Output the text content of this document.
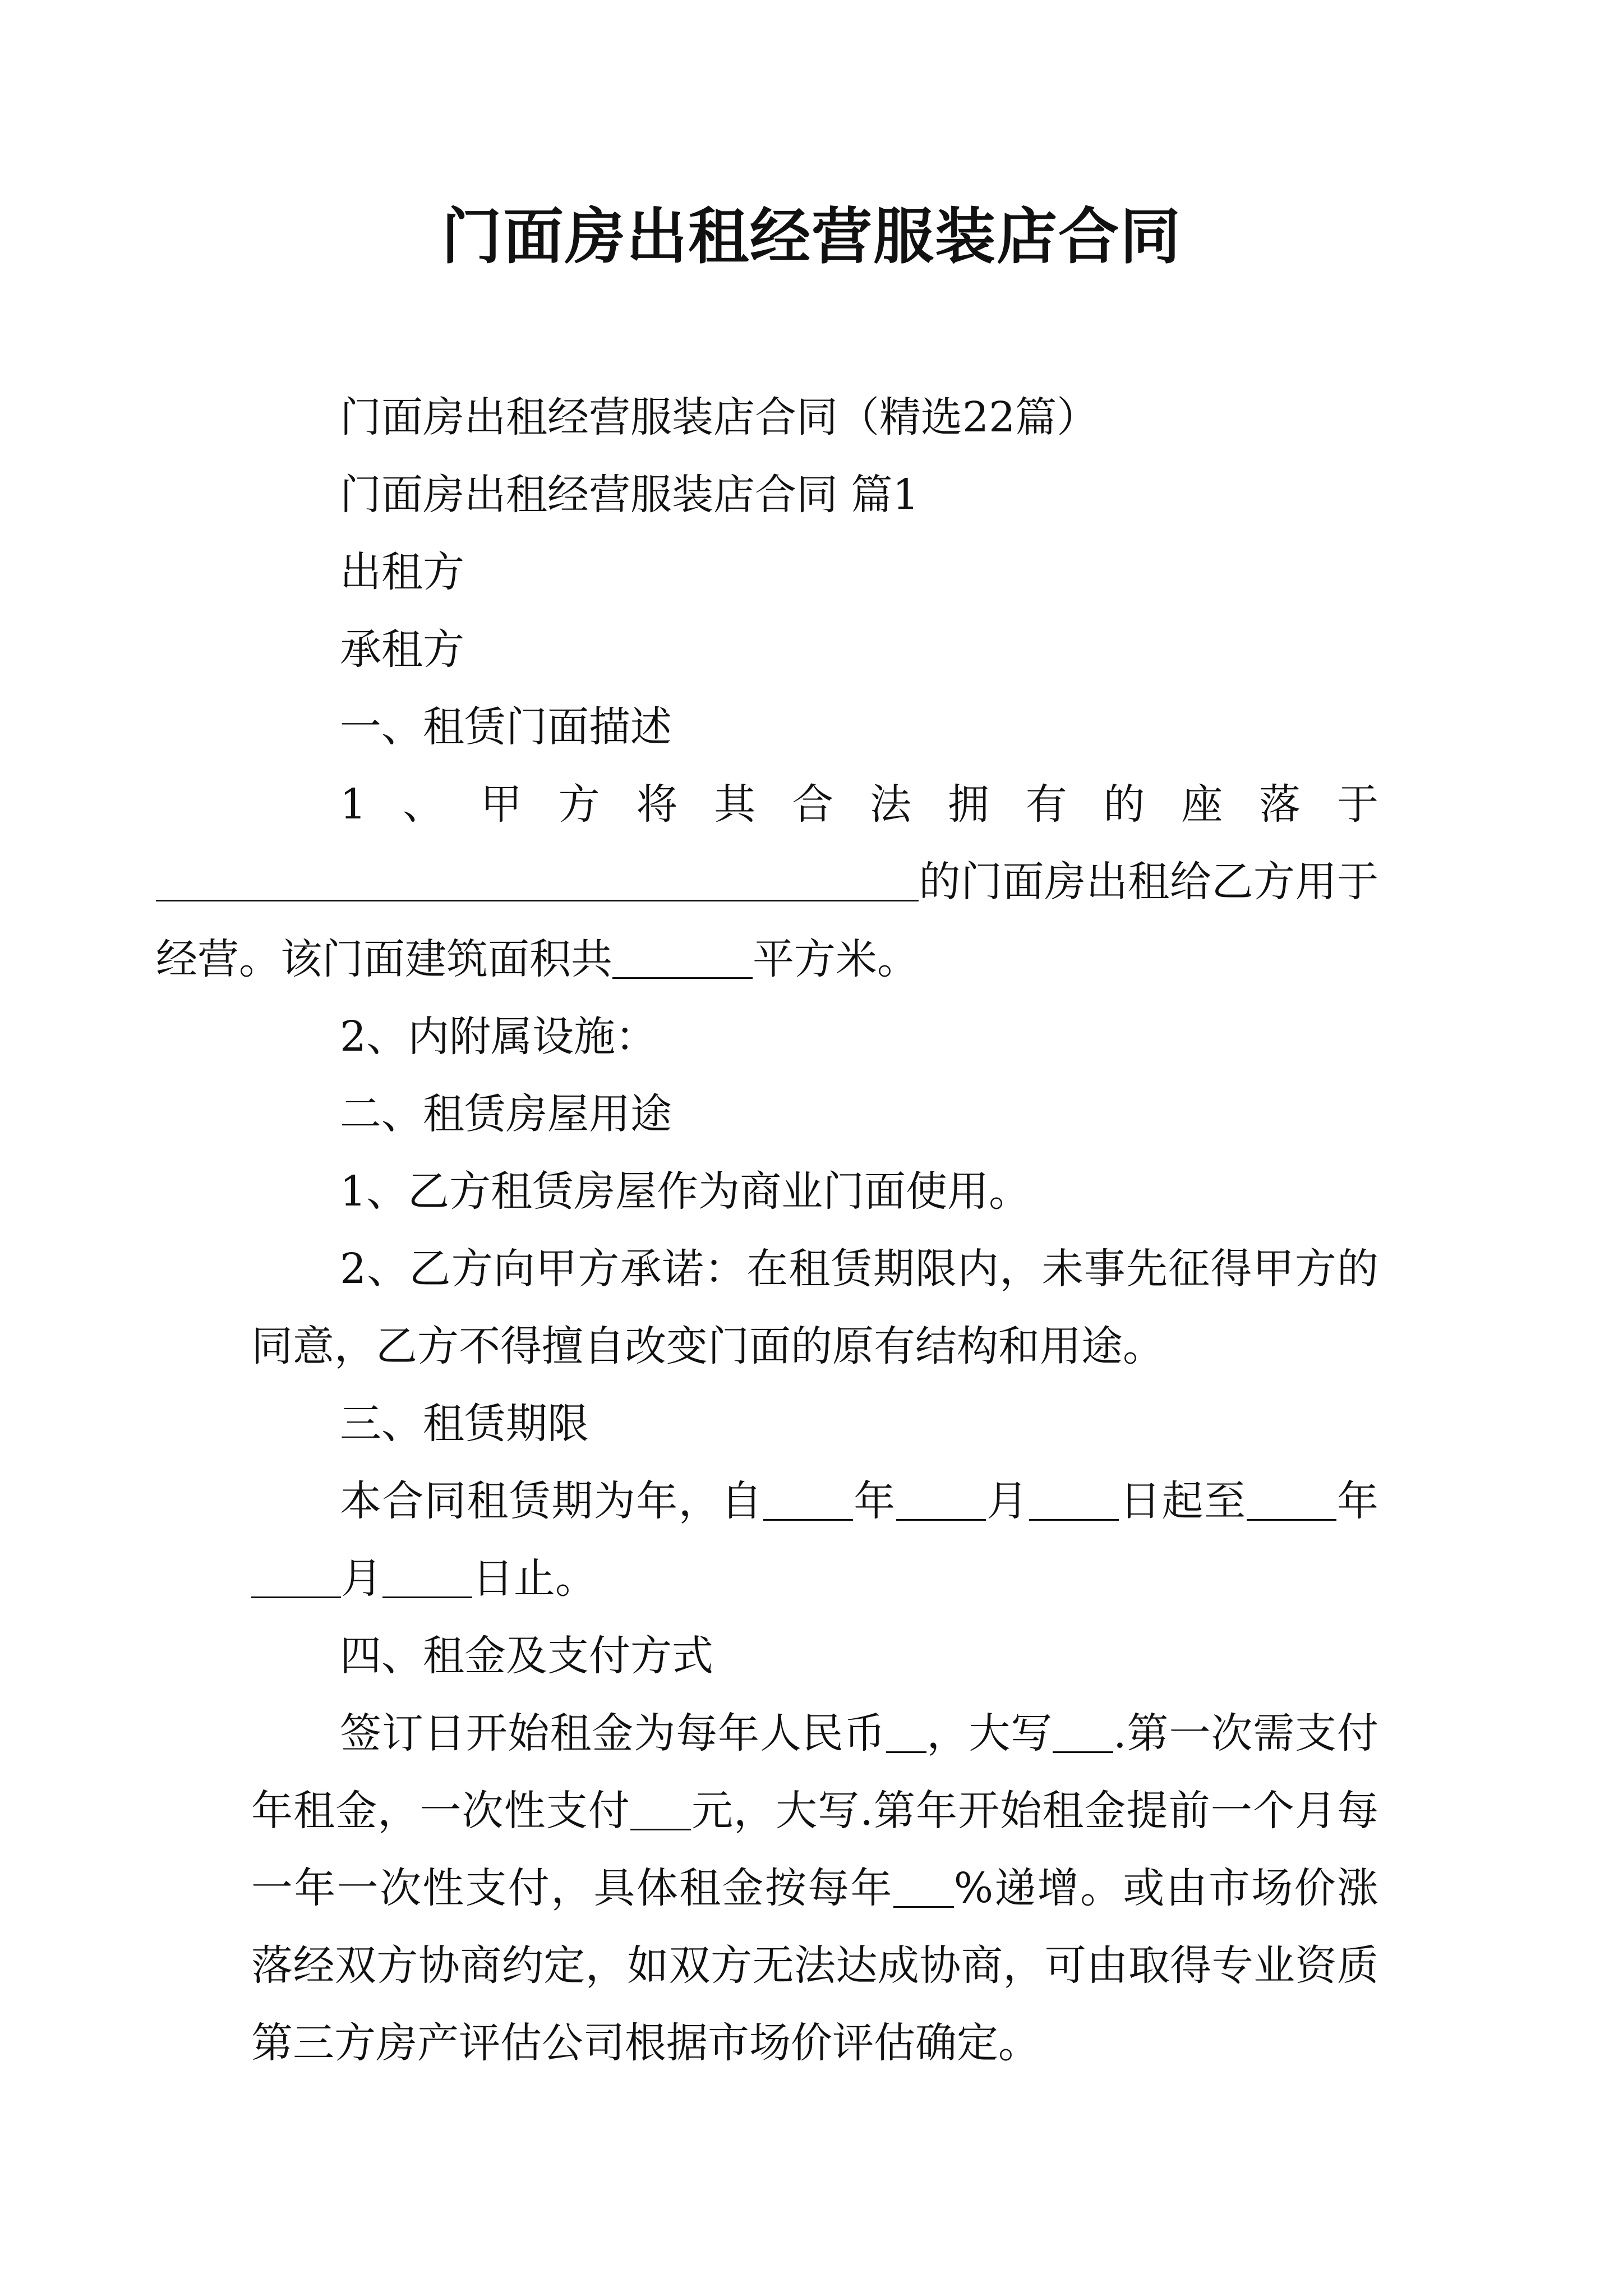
门面房出租经营服装店合同

门面房出租经营服装店合同（精选22篇）

门面房出租经营服装店合同 篇1

出租方

承租方

一、租赁门面描述

1、甲方将其合法拥有的座落于

的门面房出租给乙方用于经营。该门面建筑面积共	平方米。

2、内附属设施：

二、租赁房屋用途

1、乙方租赁房屋作为商业门面使用。

2、乙方向甲方承诺：在租赁期限内，未事先征得甲方的同意，乙方不得擅自改变门面的原有结构和用途。

三、租赁期限

本合同租赁期为年，自 年 月 日起至 年月 日止。

四、租金及支付方式

签订日开始租金为每年人民币 ，大写 .第一次需支付年租金，一次性支付 元，大写.第年开始租金提前一个月每一年一次性支付，具体租金按每年 %递增。或由市场价涨落经双方协商约定，如双方无法达成协商，可由取得专业资质第三方房产评估公司根据市场价评估确定。
